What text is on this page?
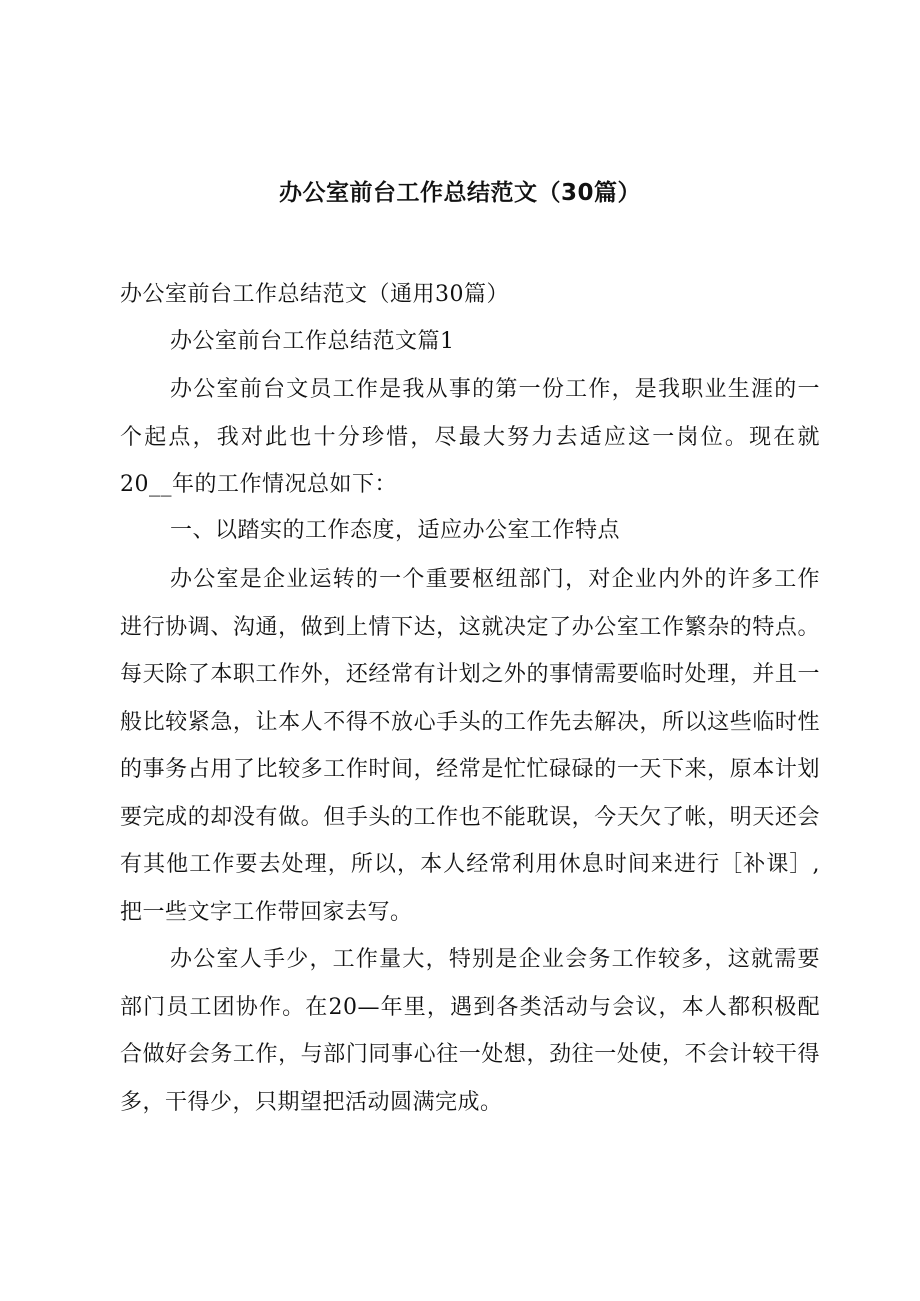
办公室前台工作总结范文（30篇）
办公室前台工作总结范文（通用30篇）
办公室前台工作总结范文篇1
办公室前台文员工作是我从事的第一份工作，是我职业生涯的一个起点，我对此也十分珍惜，尽最大努力去适应这一岗位。现在就20__年的工作情况总如下：
一、以踏实的工作态度，适应办公室工作特点
办公室是企业运转的一个重要枢纽部门，对企业内外的许多工作进行协调、沟通，做到上情下达，这就决定了办公室工作繁杂的特点。每天除了本职工作外，还经常有计划之外的事情需要临时处理，并且一般比较紧急，让本人不得不放心手头的工作先去解决，所以这些临时性的事务占用了比较多工作时间，经常是忙忙碌碌的一天下来，原本计划要完成的却没有做。但手头的工作也不能耽误，今天欠了帐，明天还会有其他工作要去处理，所以，本人经常利用休息时间来进行［补课］,把一些文字工作带回家去写。
办公室人手少，工作量大，特别是企业会务工作较多，这就需要部门员工团协作。在20—年里，遇到各类活动与会议，本人都积极配合做好会务工作，与部门同事心往一处想，劲往一处使，不会计较干得多，干得少，只期望把活动圆满完成。
